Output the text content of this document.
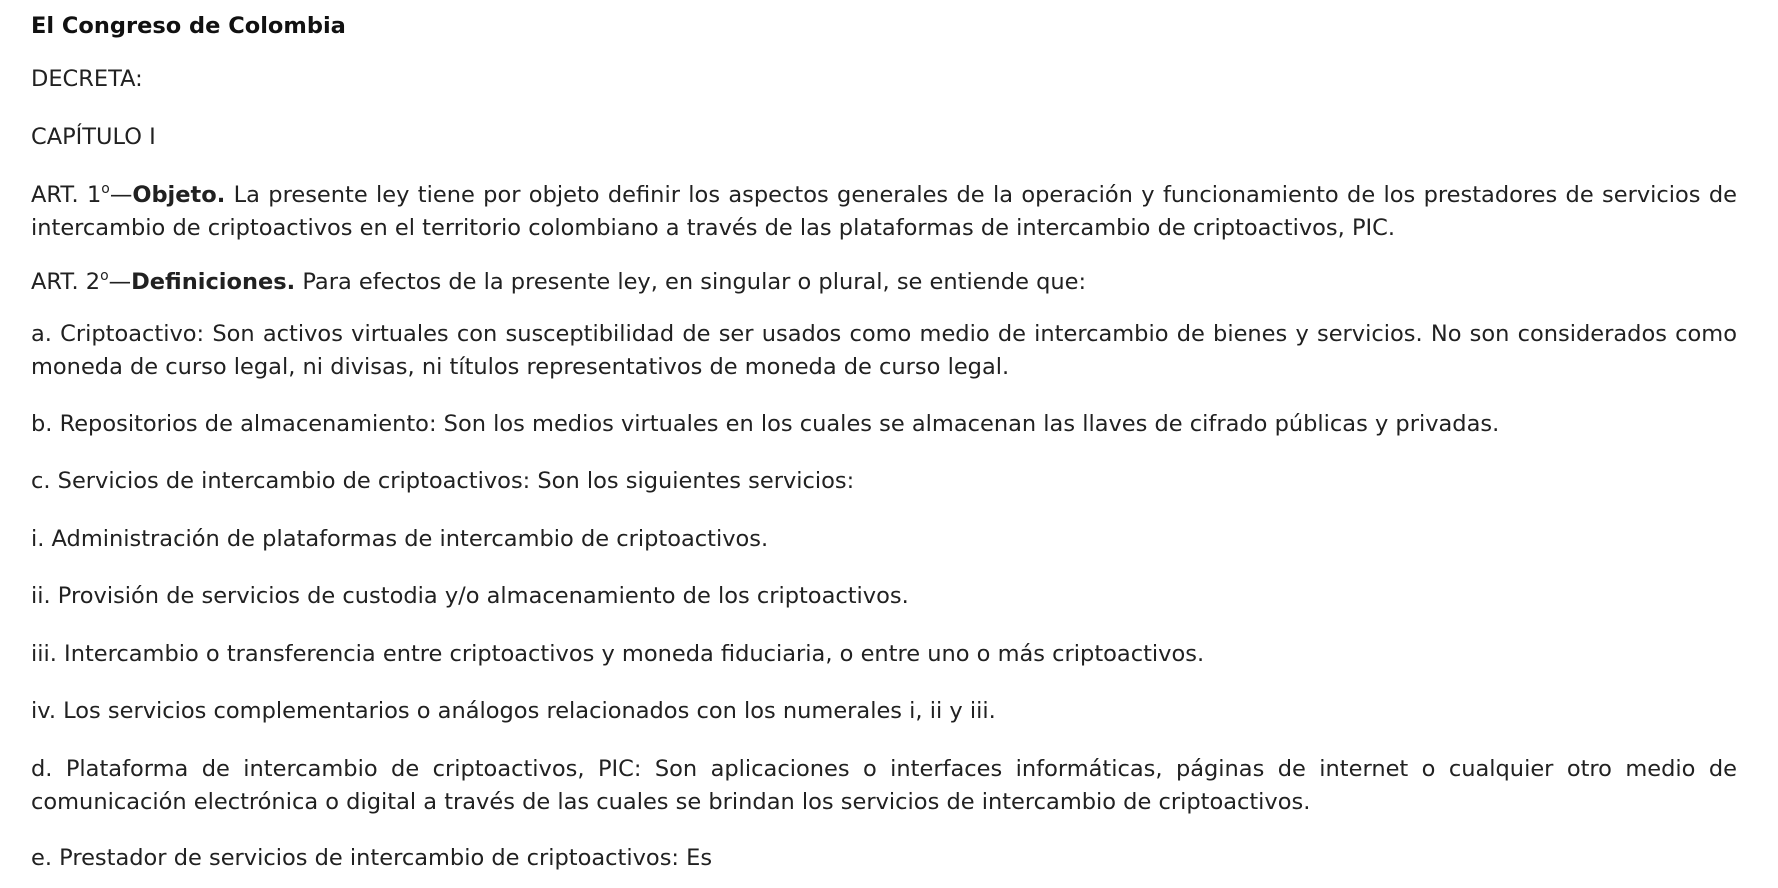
El Congreso de Colombia

DECRETA:

CAPÍTULO I

ART. 1$^o$—Objeto. La presente ley tiene por objeto definir los aspectos generales de la operación y funcionamiento de los prestadores de servicios de intercambio de criptoactivos en el territorio colombiano a través de las plataformas de intercambio de criptoactivos, PIC.

ART. 2$^o$—Definiciones. Para efectos de la presente ley, en singular o plural, se entiende que:

a. Criptoactivo: Son activos virtuales con susceptibilidad de ser usados como medio de intercambio de bienes y servicios. No son considerados como moneda de curso legal, ni divisas, ni títulos representativos de moneda de curso legal.

b. Repositorios de almacenamiento: Son los medios virtuales en los cuales se almacenan las llaves de cifrado públicas y privadas.

c. Servicios de intercambio de criptoactivos: Son los siguientes servicios:

i. Administración de plataformas de intercambio de criptoactivos.

ii. Provisión de servicios de custodia y/o almacenamiento de los criptoactivos.

iii. Intercambio o transferencia entre criptoactivos y moneda fiduciaria, o entre uno o más criptoactivos.

iv. Los servicios complementarios o análogos relacionados con los numerales i, ii y iii.

d. Plataforma de intercambio de criptoactivos, PIC: Son aplicaciones o interfaces informáticas, páginas de internet o cualquier otro medio de comunicación electrónica o digital a través de las cuales se brindan los servicios de intercambio de criptoactivos.

e. Prestador de servicios de intercambio de criptoactivos: Es
